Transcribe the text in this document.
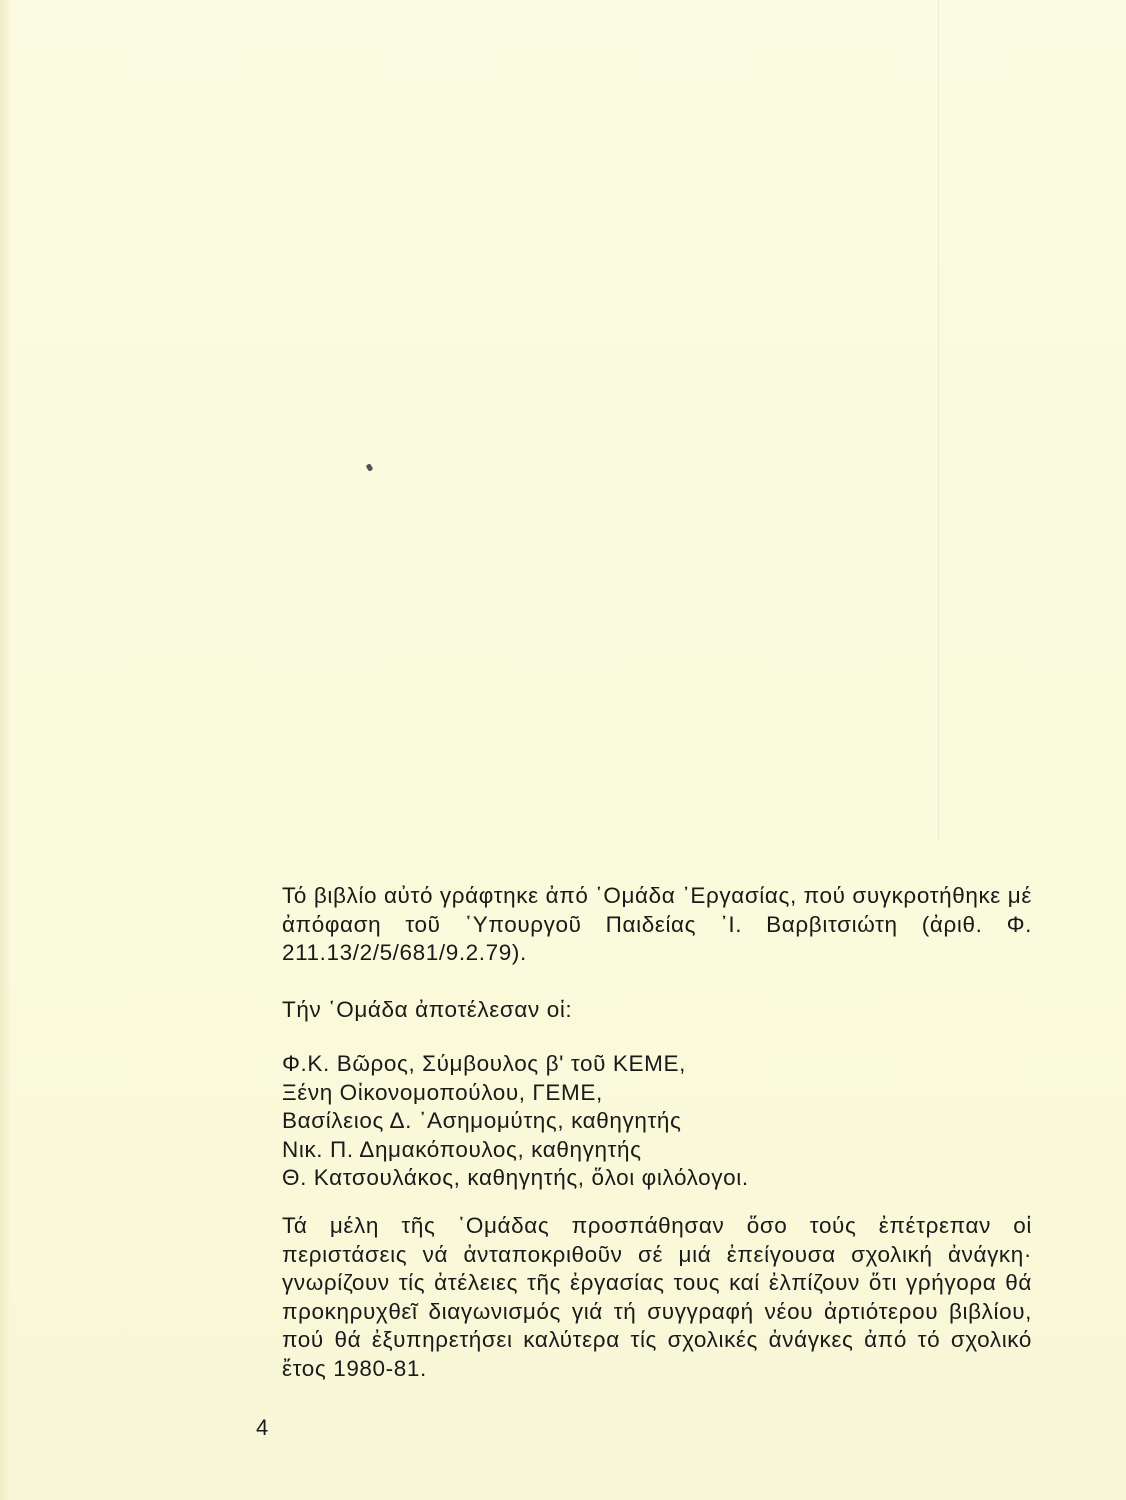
Τό βιβλίο αὐτό γράφτηκε ἀπό ῾Ομάδα ᾿Εργασίας, πού συγκροτήθηκε μέ ἀπόφαση τοῦ ῾Υπουργοῦ Παιδείας ᾿Ι. Βαρβιτσιώτη (ἀριθ. Φ. 211.13/2/5/681/9.2.79).

Τήν ῾Ομάδα ἀποτέλεσαν οἱ:

Φ.Κ. Βῶρος, Σύμβουλος β' τοῦ ΚΕΜΕ,
Ξένη Οἰκονομοπούλου, ΓΕΜΕ,
Βασίλειος Δ. ᾿Ασημομύτης, καθηγητής
Νικ. Π. Δημακόπουλος, καθηγητής
Θ. Κατσουλάκος, καθηγητής, ὅλοι φιλόλογοι.

Τά μέλη τῆς ῾Ομάδας προσπάθησαν ὅσο τούς ἐπέτρεπαν οἱ περιστάσεις νά ἀνταποκριθοῦν σέ μιά ἐπείγουσα σχολική ἀνάγκη· γνωρίζουν τίς ἀτέλειες τῆς ἐργασίας τους καί ἐλπίζουν ὅτι γρήγορα θά προκηρυχθεῖ διαγωνισμός γιά τή συγγραφή νέου ἀρτιότερου βιβλίου, πού θά ἐξυπηρετήσει καλύτερα τίς σχολικές ἀνάγκες ἀπό τό σχολικό ἔτος 1980-81.

4
